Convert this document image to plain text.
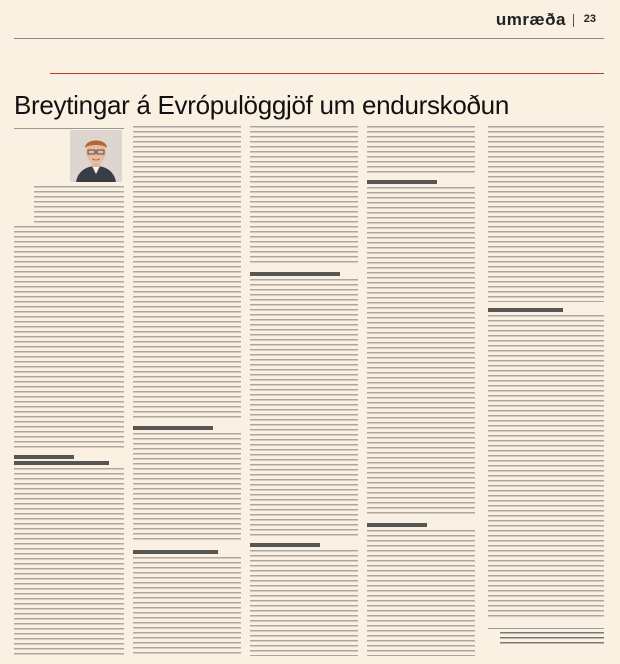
umræða 23
Breytingar á Evrópulöggjöf um endurskoðun
